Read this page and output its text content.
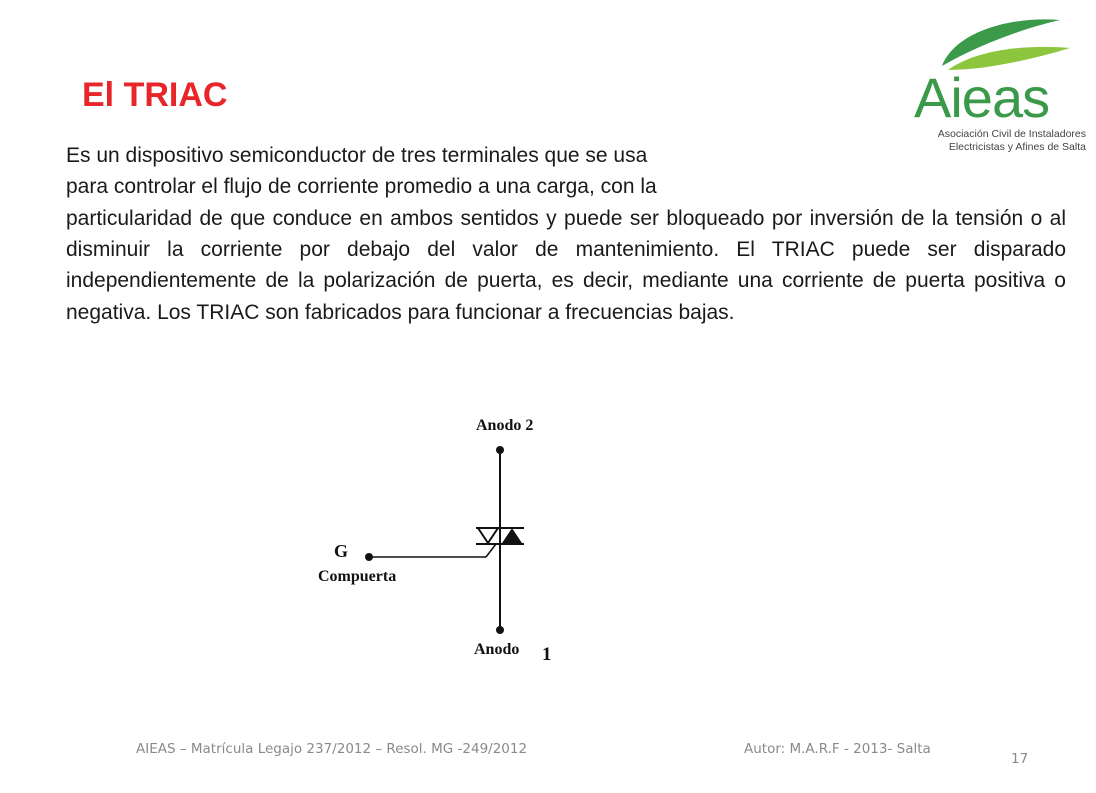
El TRIAC	Aieas
Asociación Civil de Instaladores
Electricistas y Afines de Salta
Es un dispositivo semiconductor de tres terminales que se usa
para controlar el flujo de corriente promedio a una carga, con la

particularidad de que conduce en ambos sentidos y puede ser bloqueado por inversión de la tensión o al disminuir la corriente por debajo del valor de mantenimiento. El TRIAC puede ser disparado independientemente de la polarización de puerta, es decir, mediante una corriente de puerta positiva o negativa. Los TRIAC son fabricados para funcionar a frecuencias bajas.

Anodo 2
Anodo 1
G
Compuerta
AIEAS – Matrícula Legajo 237/2012 – Resol. MG -249/2012	Autor: M.A.R.F - 2013- Salta
17
